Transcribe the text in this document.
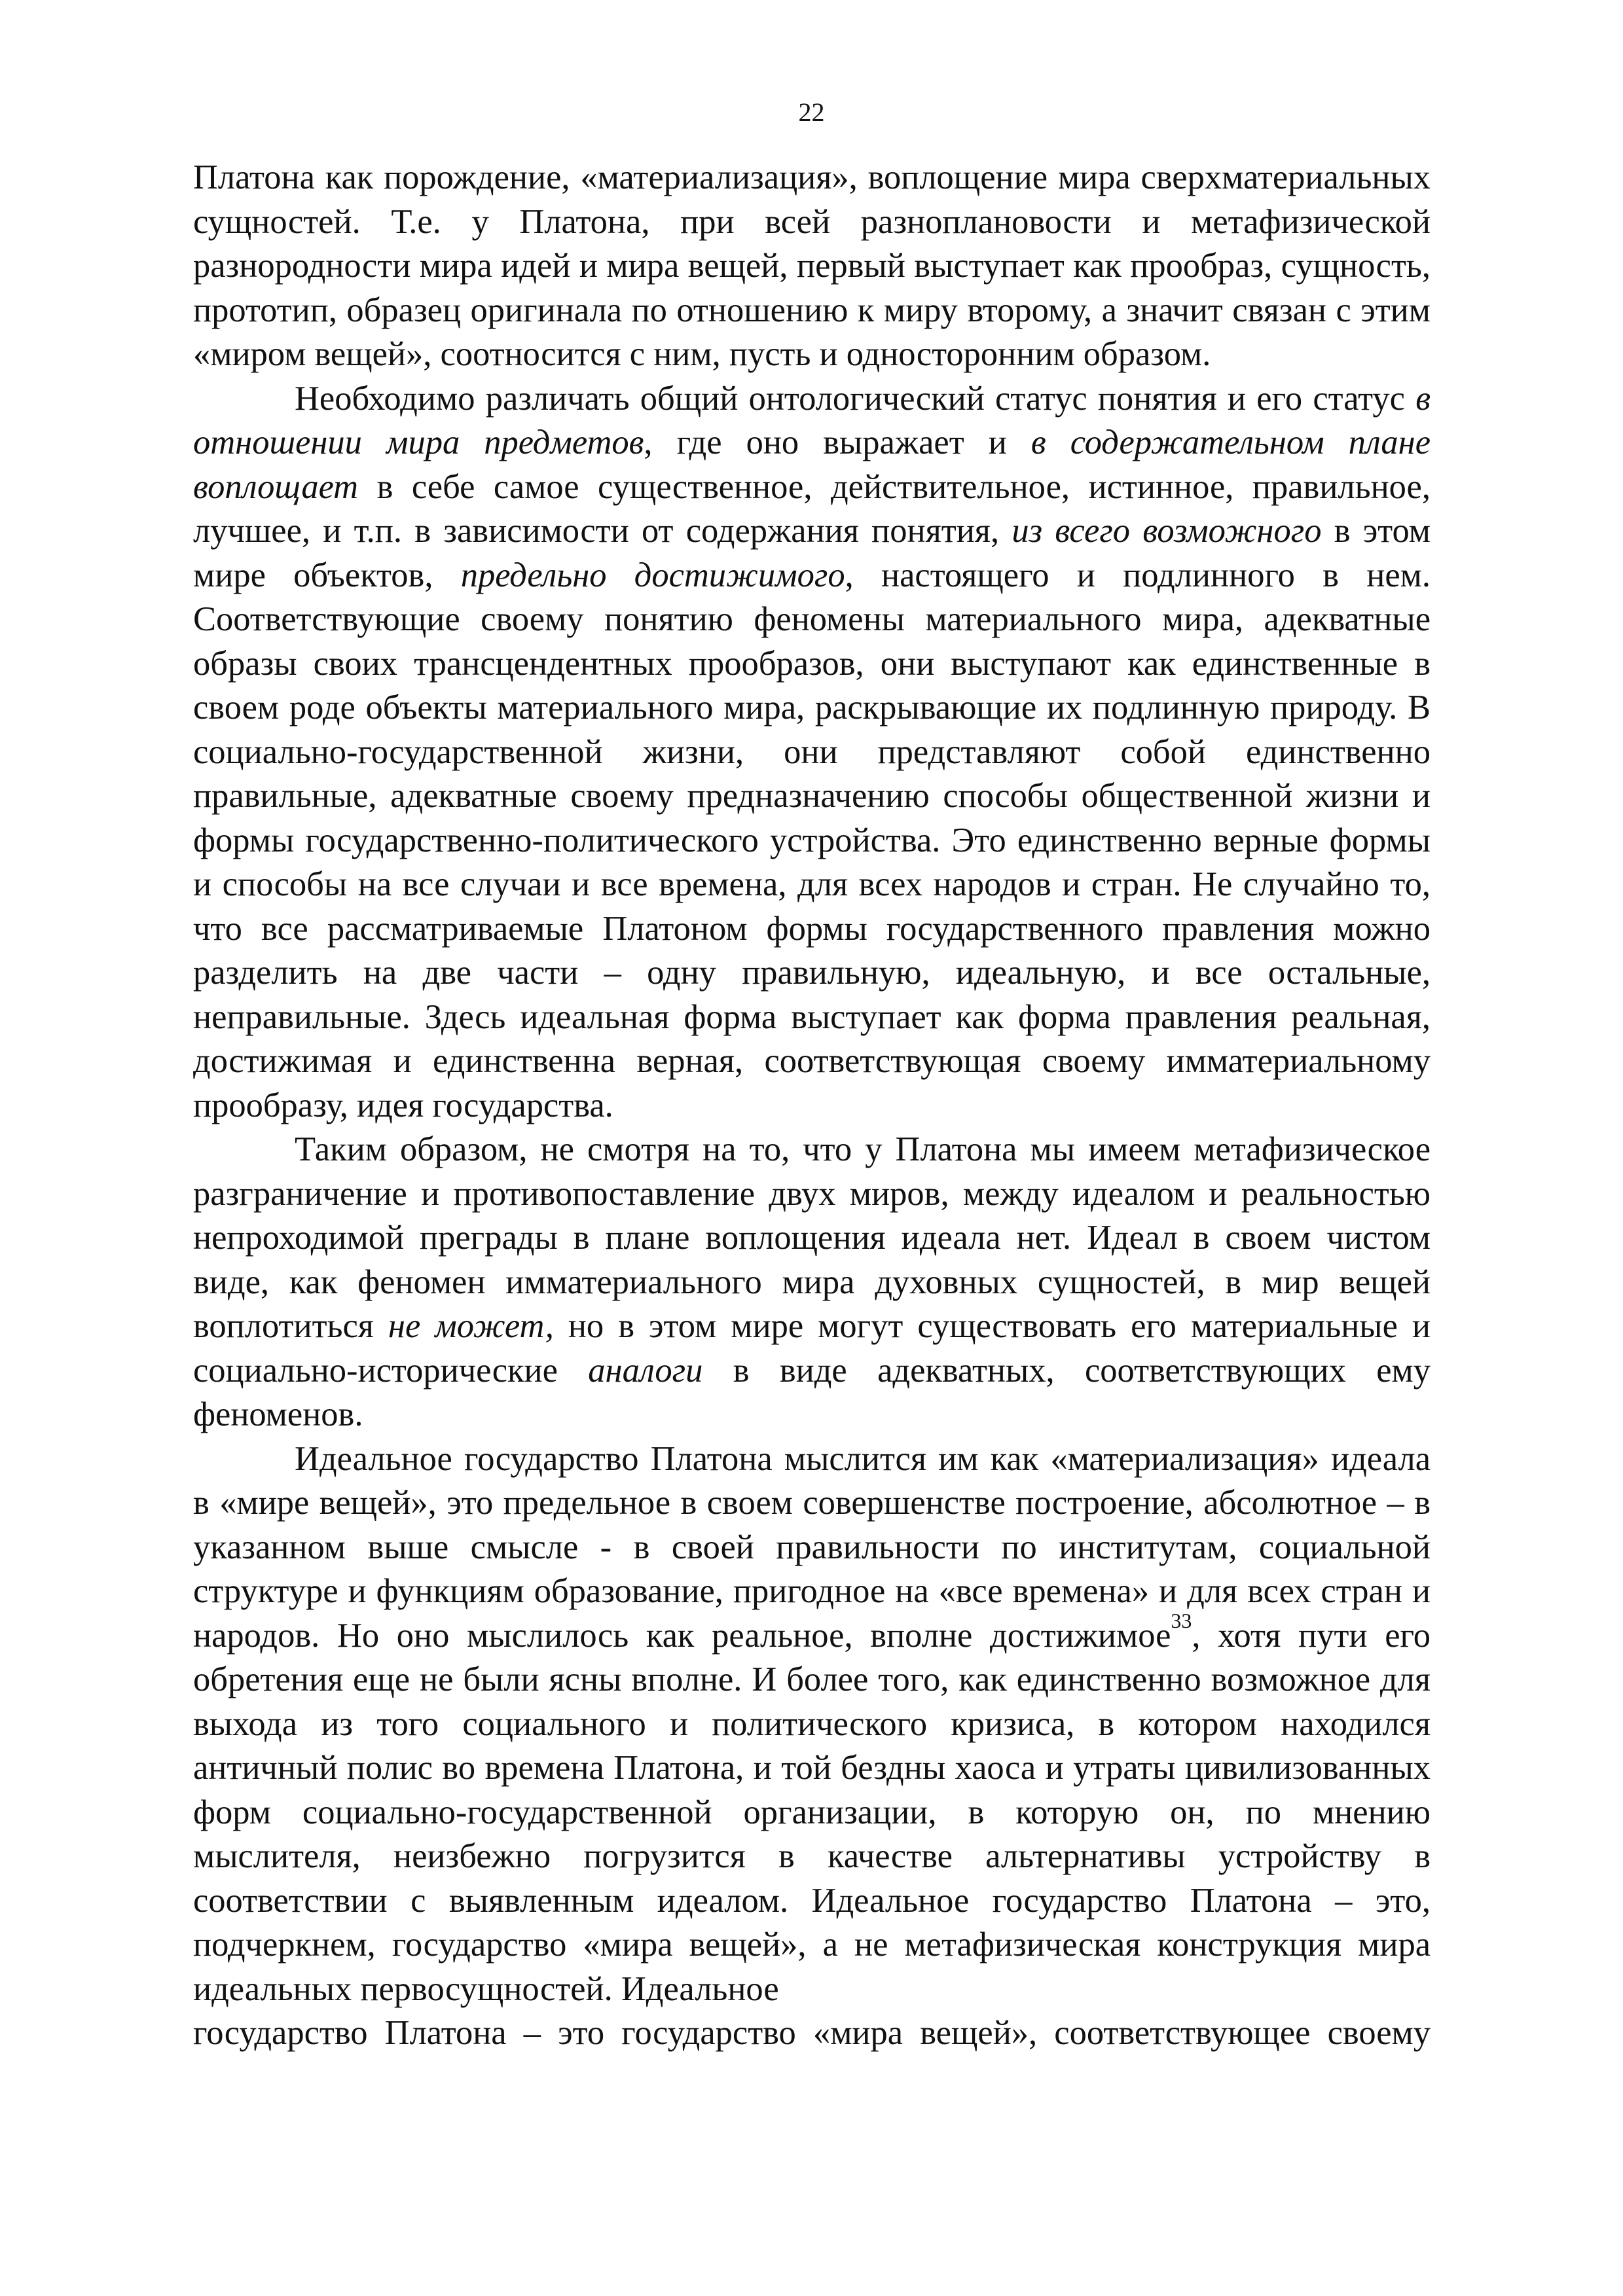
22

Платона как порождение, «материализация», воплощение мира сверхматериальных сущностей. Т.е. у Платона, при всей разноплановости и метафизической разнородности мира идей и мира вещей, первый выступает как прообраз, сущность, прототип, образец оригинала по отношению к миру второму, а значит связан с этим «миром вещей», соотносится с ним, пусть и односторонним образом.

Необходимо различать общий онтологический статус понятия и его статус в отношении мира предметов, где оно выражает и в содержательном плане воплощает в себе самое существенное, действительное, истинное, правильное, лучшее, и т.п. в зависимости от содержания понятия, из всего возможного в этом мире объектов, предельно достижимого, настоящего и подлинного в нем. Соответствующие своему понятию феномены материального мира, адекватные образы своих трансцендентных прообразов, они выступают как единственные в своем роде объекты материального мира, раскрывающие их подлинную природу. В социально-государственной жизни, они представляют собой единственно правильные, адекватные своему предназначению способы общественной жизни и формы государственно-политического устройства. Это единственно верные формы и способы на все случаи и все времена, для всех народов и стран. Не случайно то, что все рассматриваемые Платоном формы государственного правления можно разделить на две части – одну правильную, идеальную, и все остальные, неправильные. Здесь идеальная форма выступает как форма правления реальная, достижимая и единственна верная, соответствующая своему имматериальному прообразу, идея государства.

Таким образом, не смотря на то, что у Платона мы имеем метафизическое разграничение и противопоставление двух миров, между идеалом и реальностью непроходимой преграды в плане воплощения идеала нет. Идеал в своем чистом виде, как феномен имматериального мира духовных сущностей, в мир вещей воплотиться не может, но в этом мире могут существовать его материальные и социально-исторические аналоги в виде адекватных, соответствующих ему феноменов.

Идеальное государство Платона мыслится им как «материализация» идеала в «мире вещей», это предельное в своем совершенстве построение, абсолютное – в указанном выше смысле - в своей правильности по институтам, социальной структуре и функциям образование, пригодное на «все времена» и для всех стран и народов. Но оно мыслилось как реальное, вполне достижимое$^{33}$, хотя пути его обретения еще не были ясны вполне. И более того, как единственно возможное для выхода из того социального и политического кризиса, в котором находился античный полис во времена Платона, и той бездны хаоса и утраты цивилизованных форм социально-государственной организации, в которую он, по мнению мыслителя, неизбежно погрузится в качестве альтернативы устройству в соответствии с выявленным идеалом. Идеальное государство Платона – это, подчеркнем, государство «мира вещей», а не метафизическая конструкция мира идеальных первосущностей. Идеальное

государство Платона – это государство «мира вещей», соответствующее своему
